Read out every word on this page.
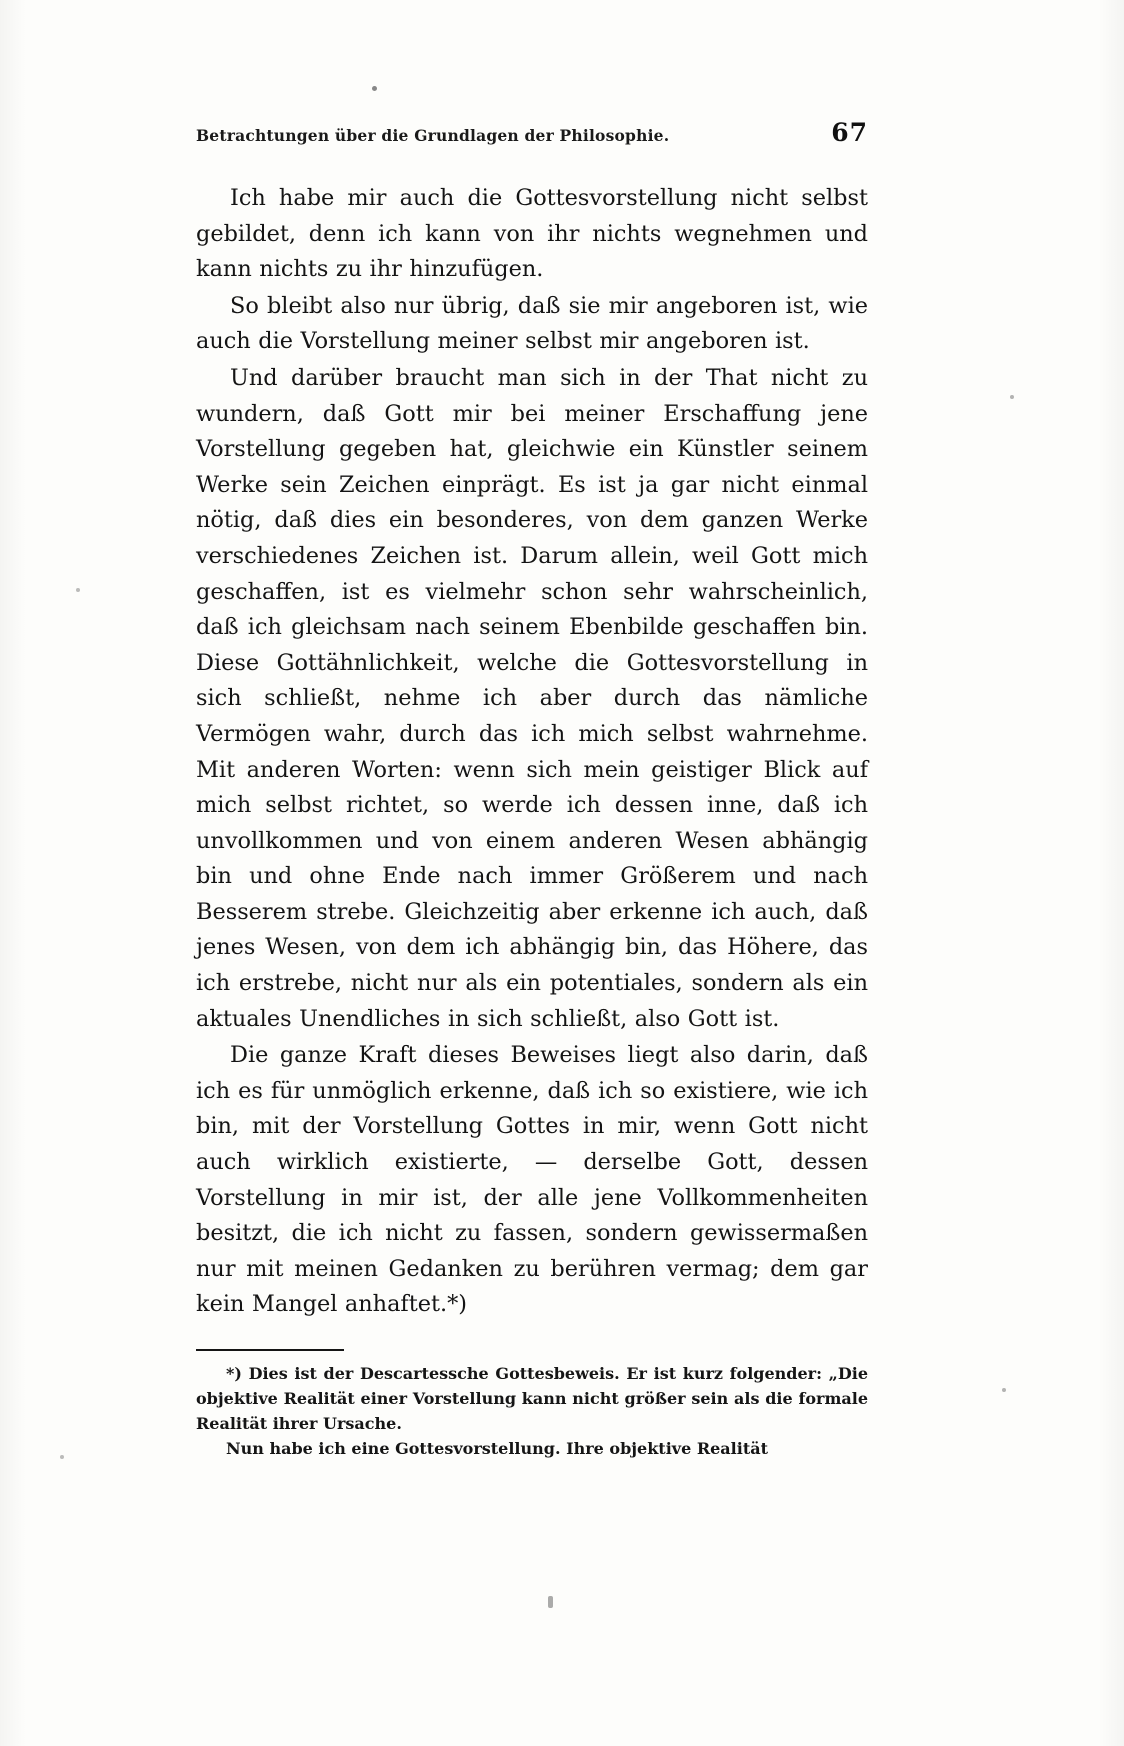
Betrachtungen über die Grundlagen der Philosophie.	67

Ich habe mir auch die Gottesvorstellung nicht selbst gebildet, denn ich kann von ihr nichts wegnehmen und kann nichts zu ihr hinzufügen.

So bleibt also nur übrig, daß sie mir angeboren ist, wie auch die Vorstellung meiner selbst mir angeboren ist.

Und darüber braucht man sich in der That nicht zu wundern, daß Gott mir bei meiner Erschaffung jene Vorstellung gegeben hat, gleichwie ein Künstler seinem Werke sein Zeichen einprägt. Es ist ja gar nicht einmal nötig, daß dies ein besonderes, von dem ganzen Werke verschiedenes Zeichen ist. Darum allein, weil Gott mich geschaffen, ist es vielmehr schon sehr wahrscheinlich, daß ich gleichsam nach seinem Ebenbilde geschaffen bin. Diese Gottähnlichkeit, welche die Gottesvorstellung in sich schließt, nehme ich aber durch das nämliche Vermögen wahr, durch das ich mich selbst wahrnehme. Mit anderen Worten: wenn sich mein geistiger Blick auf mich selbst richtet, so werde ich dessen inne, daß ich unvollkommen und von einem anderen Wesen abhängig bin und ohne Ende nach immer Größerem und nach Besserem strebe. Gleichzeitig aber erkenne ich auch, daß jenes Wesen, von dem ich abhängig bin, das Höhere, das ich erstrebe, nicht nur als ein potentiales, sondern als ein aktuales Unendliches in sich schließt, also Gott ist.

Die ganze Kraft dieses Beweises liegt also darin, daß ich es für unmöglich erkenne, daß ich so existiere, wie ich bin, mit der Vorstellung Gottes in mir, wenn Gott nicht auch wirklich existierte, — derselbe Gott, dessen Vorstellung in mir ist, der alle jene Vollkommenheiten besitzt, die ich nicht zu fassen, sondern gewissermaßen nur mit meinen Gedanken zu berühren vermag; dem gar kein Mangel anhaftet.*)

*) Dies ist der Descartessche Gottesbeweis. Er ist kurz folgender: „Die objektive Realität einer Vorstellung kann nicht größer sein als die formale Realität ihrer Ursache.
Nun habe ich eine Gottesvorstellung. Ihre objektive Realität
